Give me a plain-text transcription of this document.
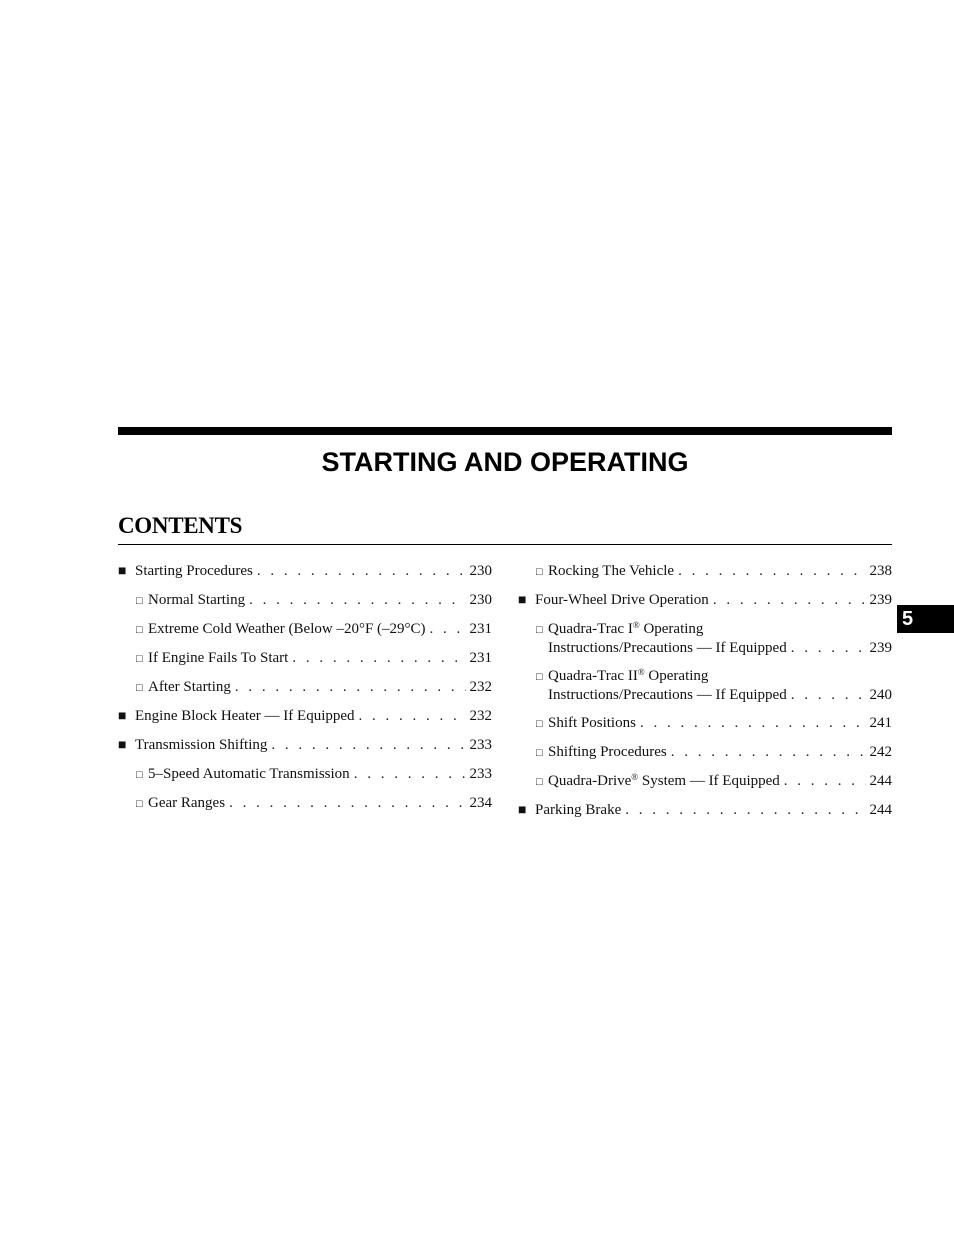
STARTING AND OPERATING
CONTENTS
5
■ Starting Procedures . . .	230
□ Normal Starting . . .	230
□ Extreme Cold Weather (Below –20°F (–29°C) . . .	231
□ If Engine Fails To Start . . .	231
□ After Starting . . .	232
■ Engine Block Heater — If Equipped . . .	232
■ Transmission Shifting . . .	233
□ 5–Speed Automatic Transmission . . .	233
□ Gear Ranges . . .	234
□ Rocking The Vehicle . . .	238
■ Four-Wheel Drive Operation . . .	239
□ Quadra-Trac I® Operating
Instructions/Precautions — If Equipped . . .	239
□ Quadra-Trac II® Operating
Instructions/Precautions — If Equipped . . .	240
□ Shift Positions . . .	241
□ Shifting Procedures . . .	242
□ Quadra-Drive® System — If Equipped . . .	244
■ Parking Brake . . .	244
